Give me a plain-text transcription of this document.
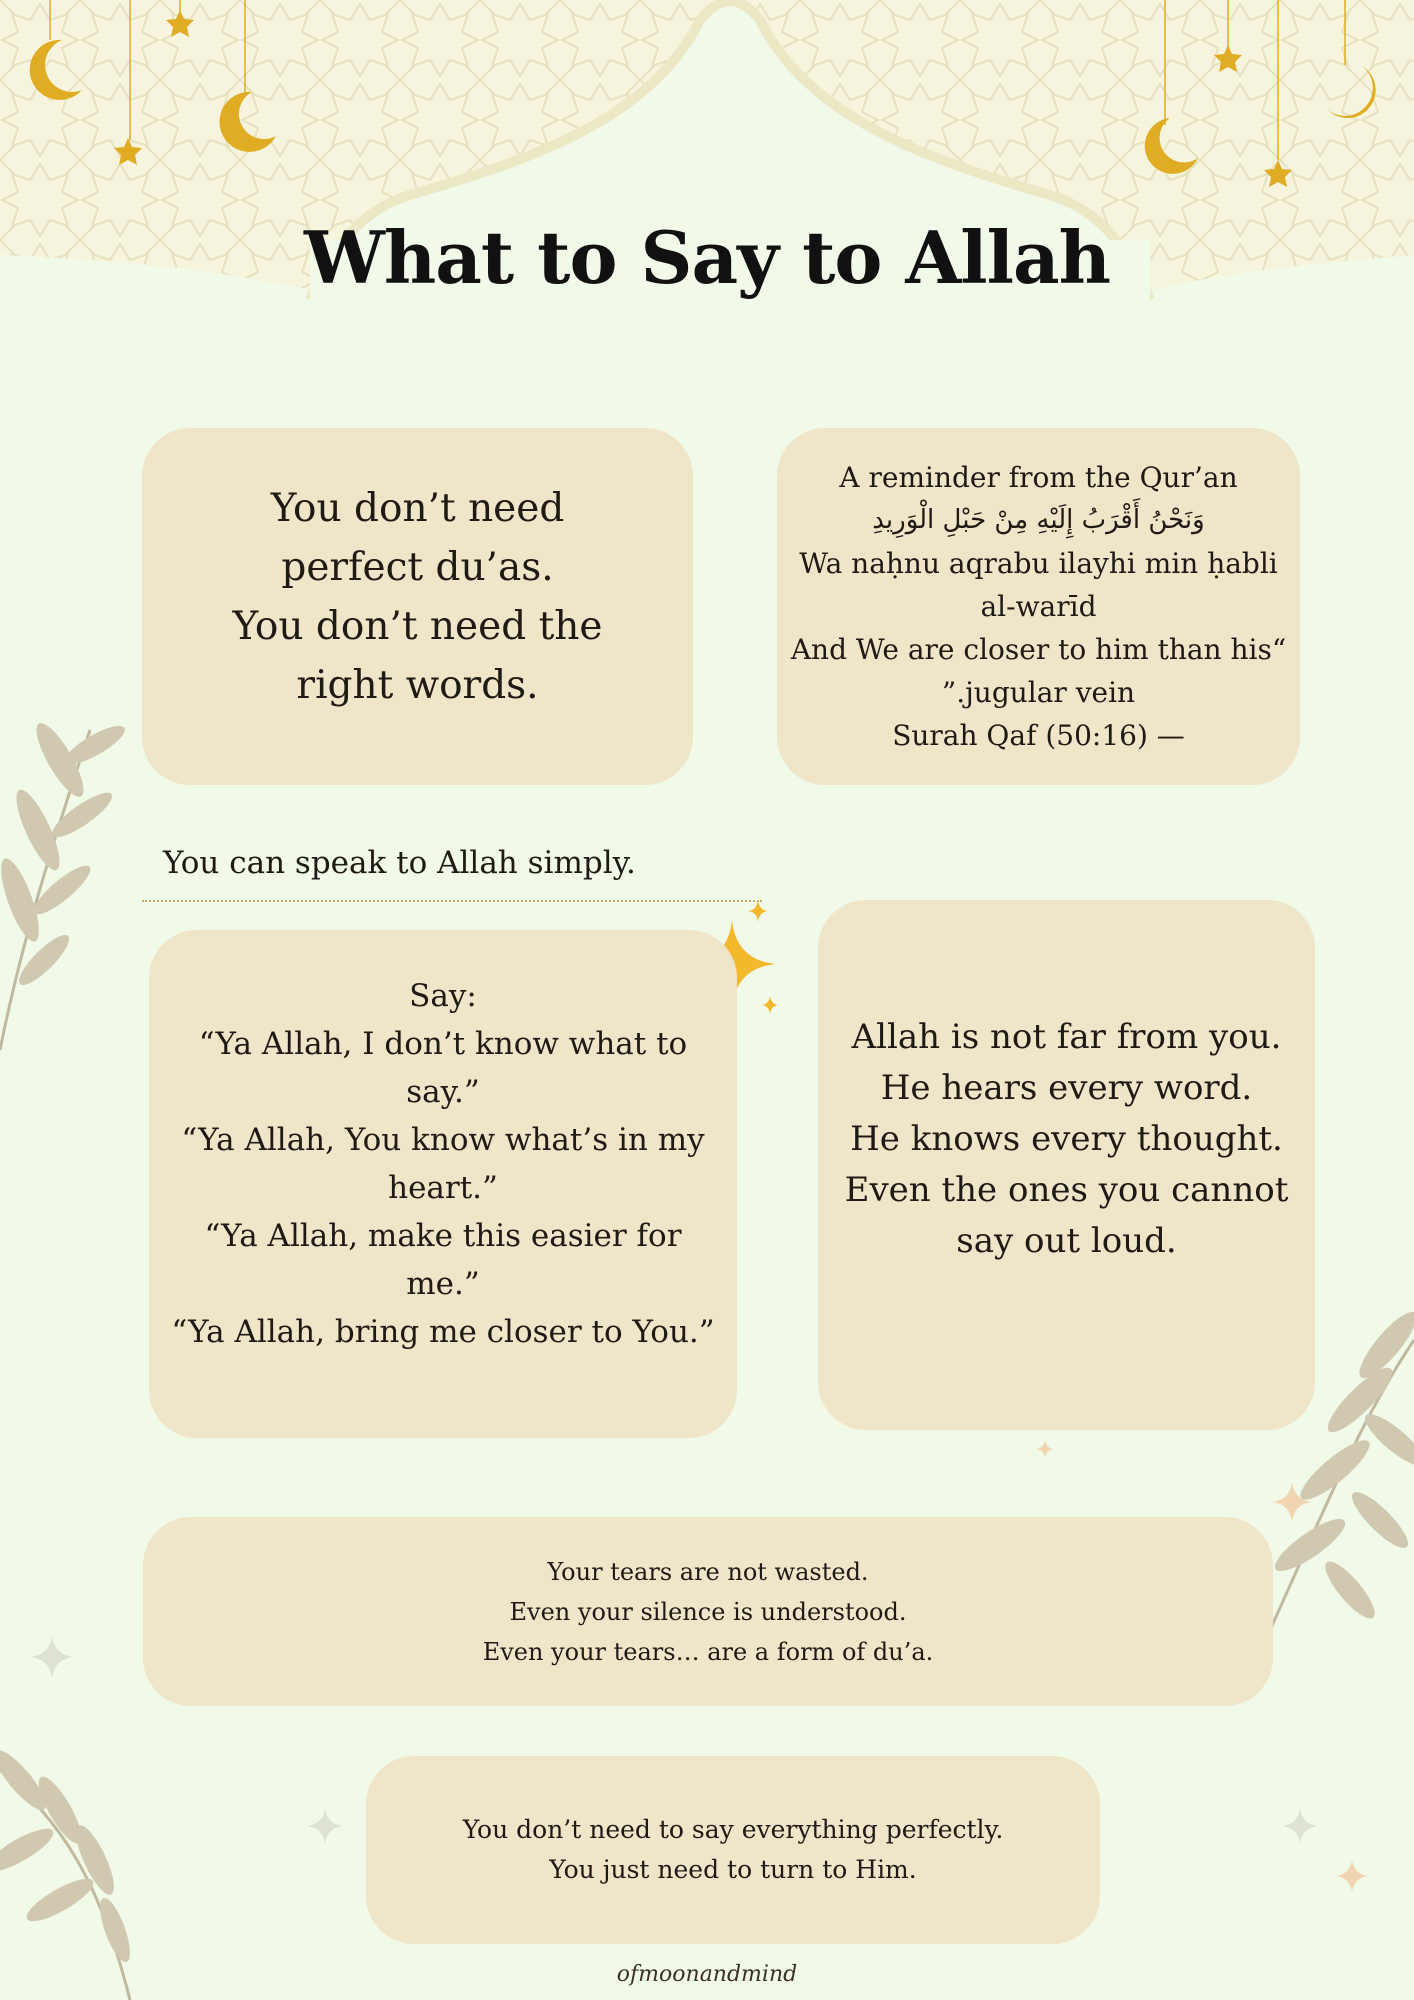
What to Say to Allah
You don’t need
perfect du’as.
You don’t need the
right words.
A reminder from the Qur’an
وَنَحْنُ أَقْرَبُ إِلَيْهِ مِنْ حَبْلِ الْوَرِيدِ
Wa naḥnu aqrabu ilayhi min ḥabli
al-warīd
And We are closer to him than his“
”.jugular vein
Surah Qaf (50:16) —
You can speak to Allah simply.
Say:
“Ya Allah, I don’t know what to
say.”
“Ya Allah, You know what’s in my
heart.”
“Ya Allah, make this easier for
me.”
“Ya Allah, bring me closer to You.”
Allah is not far from you.
He hears every word.
He knows every thought.
Even the ones you cannot
say out loud.
Your tears are not wasted.
Even your silence is understood.
Even your tears… are a form of du’a.
You don’t need to say everything perfectly.
You just need to turn to Him.
ofmoonandmind
